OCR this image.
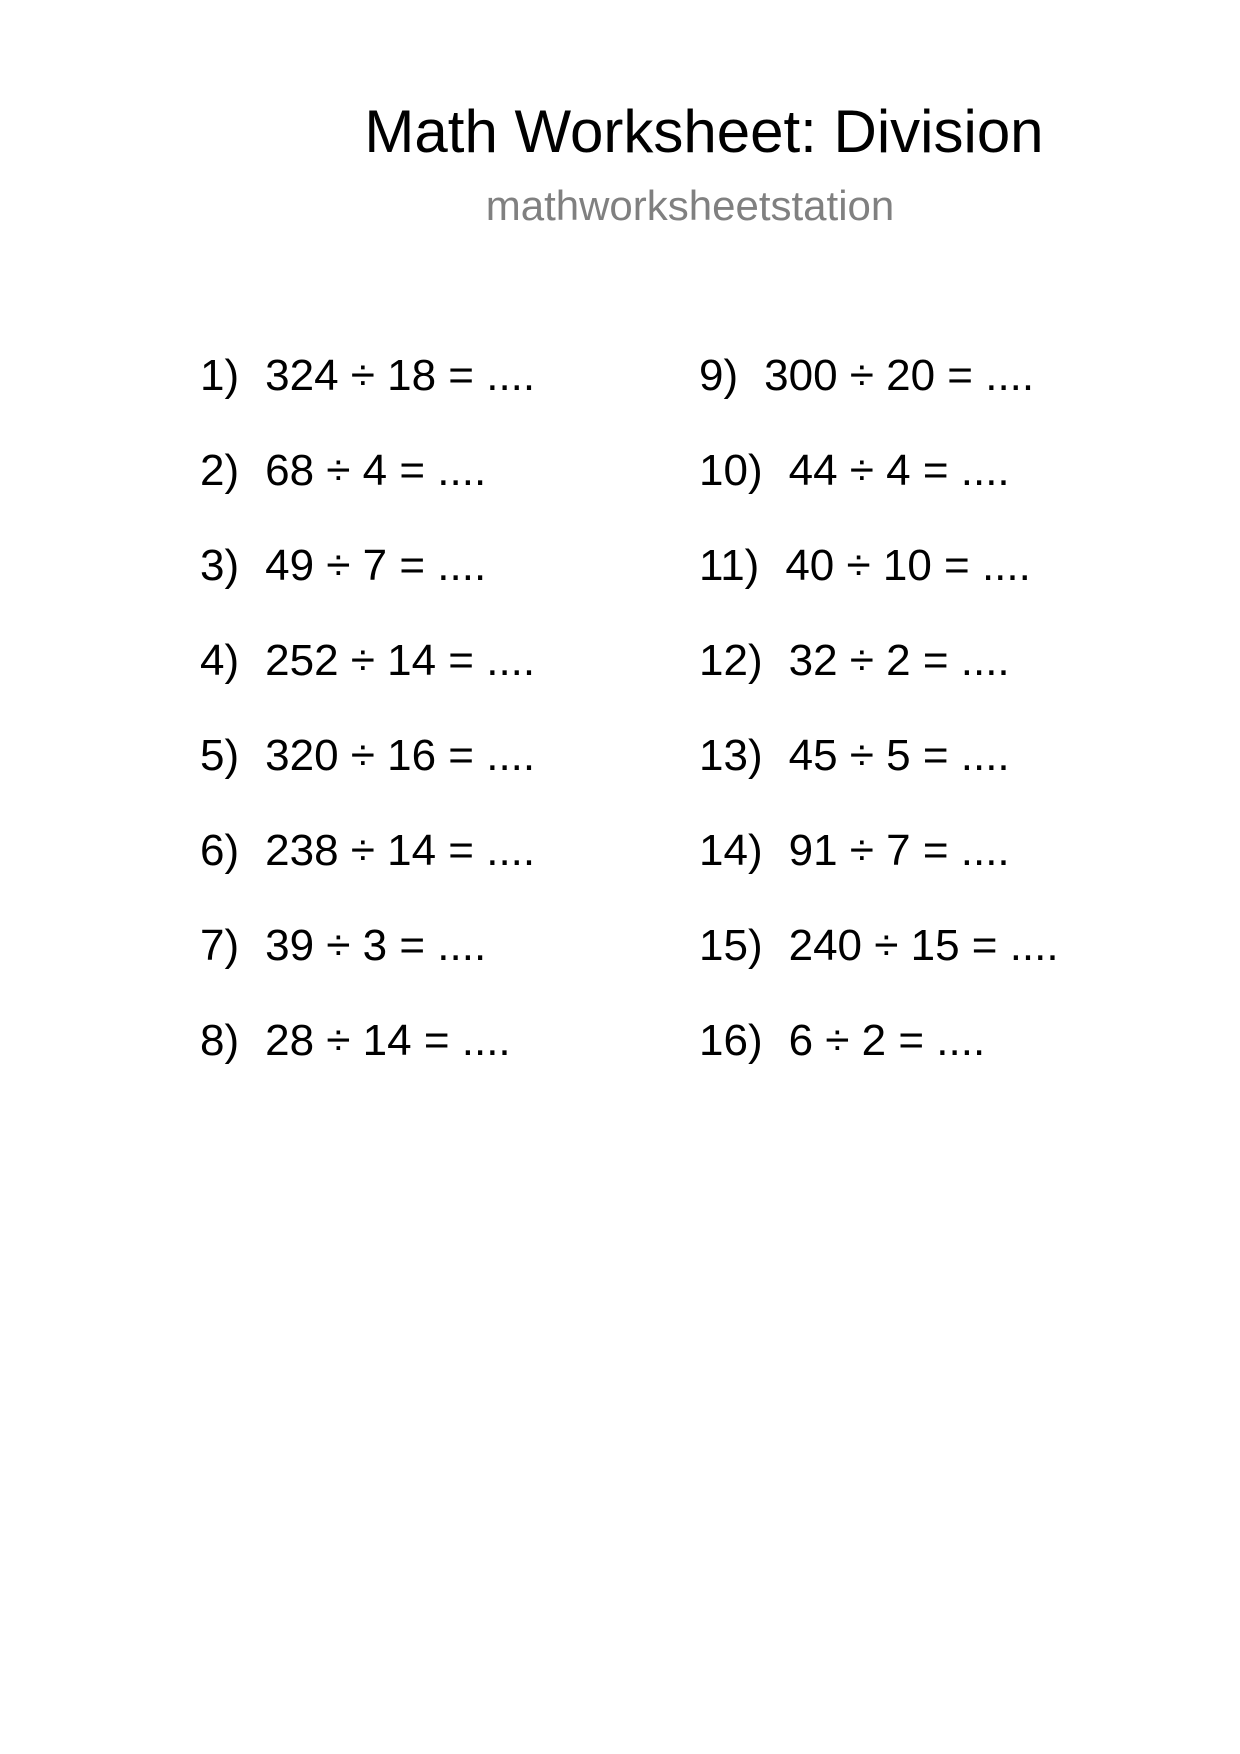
Math Worksheet: Division
mathworksheetstation
1) 324 ÷ 18 = ....
2) 68 ÷ 4 = ....
3) 49 ÷ 7 = ....
4) 252 ÷ 14 = ....
5) 320 ÷ 16 = ....
6) 238 ÷ 14 = ....
7) 39 ÷ 3 = ....
8) 28 ÷ 14 = ....
9) 300 ÷ 20 = ....
10) 44 ÷ 4 = ....
11) 40 ÷ 10 = ....
12) 32 ÷ 2 = ....
13) 45 ÷ 5 = ....
14) 91 ÷ 7 = ....
15) 240 ÷ 15 = ....
16) 6 ÷ 2 = ....
